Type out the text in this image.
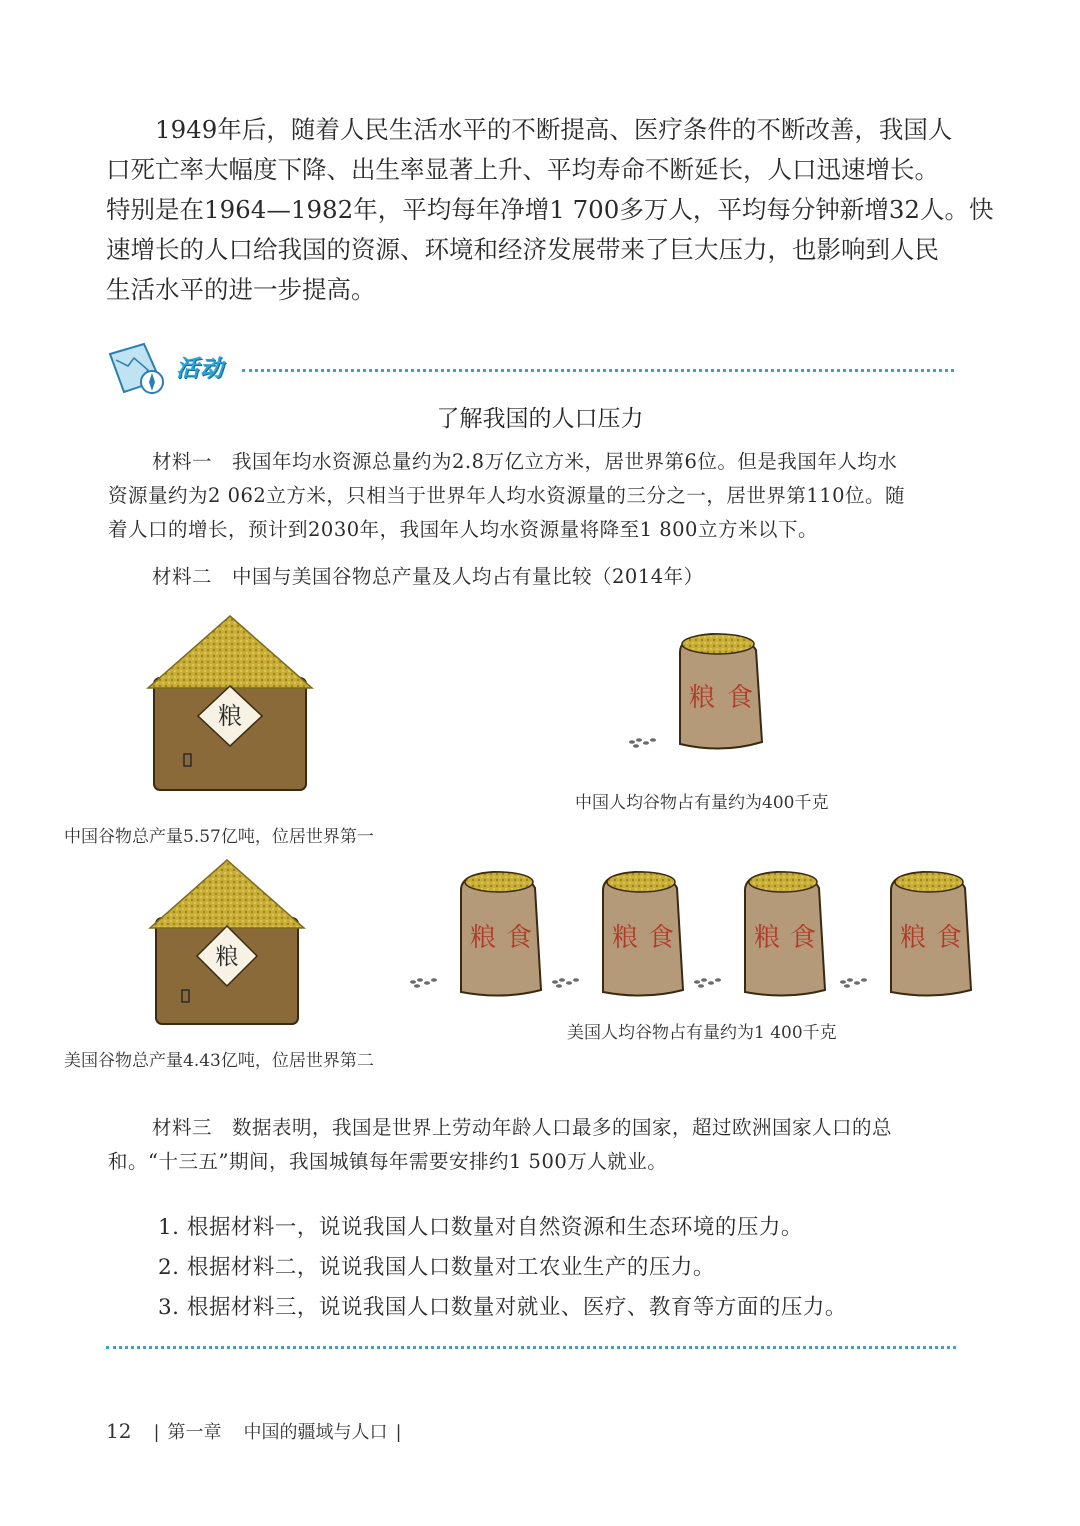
1949年后，随着人民生活水平的不断提高、医疗条件的不断改善，我国人
口死亡率大幅度下降、出生率显著上升、平均寿命不断延长，人口迅速增长。
特别是在1964—1982年，平均每年净增1 700多万人，平均每分钟新增32人。快
速增长的人口给我国的资源、环境和经济发展带来了巨大压力，也影响到人民
生活水平的进一步提高。
活动
了解我国的人口压力
材料一　我国年均水资源总量约为2.8万亿立方米，居世界第6位。但是我国年人均水
资源量约为2 062立方米，只相当于世界年人均水资源量的三分之一，居世界第110位。随
着人口的增长，预计到2030年，我国年人均水资源量将降至1 800立方米以下。
材料二　中国与美国谷物总产量及人均占有量比较（2014年）
粮
中国谷物总产量5.57亿吨，位居世界第一
粮 食
中国人均谷物占有量约为400千克
粮
美国谷物总产量4.43亿吨，位居世界第二
粮 食	粮 食	粮 食	粮 食
美国人均谷物占有量约为1 400千克
材料三　数据表明，我国是世界上劳动年龄人口最多的国家，超过欧洲国家人口的总
和。“十三五”期间，我国城镇每年需要安排约1 500万人就业。
1. 根据材料一，说说我国人口数量对自然资源和生态环境的压力。
2. 根据材料二，说说我国人口数量对工农业生产的压力。
3. 根据材料三，说说我国人口数量对就业、医疗、教育等方面的压力。
12 | 第一章 中国的疆域与人口 |
